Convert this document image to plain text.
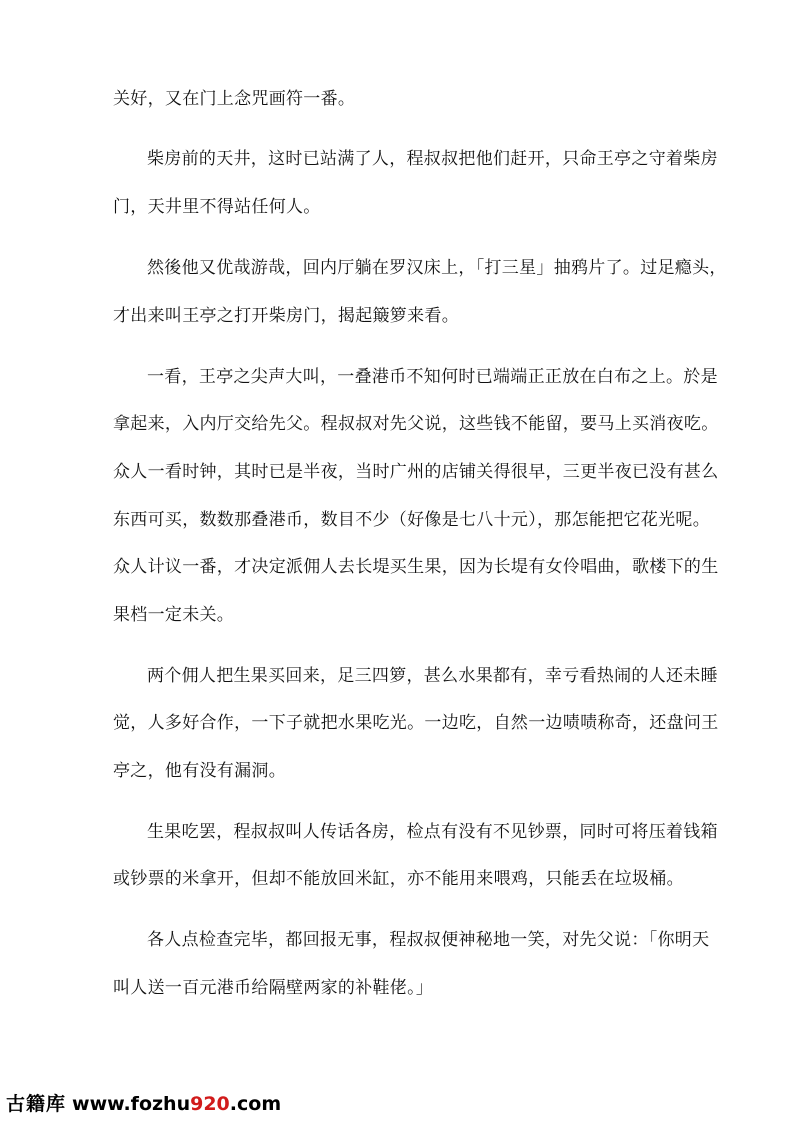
关好，又在门上念咒画符一番。
柴房前的天井，这时已站满了人，程叔叔把他们赶开，只命王亭之守着柴房
门，天井里不得站任何人。
然後他又优哉游哉，回内厅躺在罗汉床上，「打三星」抽鸦片了。过足瘾头，
才出来叫王亭之打开柴房门，揭起簸箩来看。
一看，王亭之尖声大叫，一叠港币不知何时已端端正正放在白布之上。於是
拿起来，入内厅交给先父。程叔叔对先父说，这些钱不能留，要马上买消夜吃。
众人一看时钟，其时已是半夜，当时广州的店铺关得很早，三更半夜已没有甚么
东西可买，数数那叠港币，数目不少（好像是七八十元），那怎能把它花光呢。
众人计议一番，才决定派佣人去长堤买生果，因为长堤有女伶唱曲，歌楼下的生
果档一定未关。
两个佣人把生果买回来，足三四箩，甚么水果都有，幸亏看热闹的人还未睡
觉，人多好合作，一下子就把水果吃光。一边吃，自然一边啧啧称奇，还盘问王
亭之，他有没有漏洞。
生果吃罢，程叔叔叫人传话各房，检点有没有不见钞票，同时可将压着钱箱
或钞票的米拿开，但却不能放回米缸，亦不能用来喂鸡，只能丢在垃圾桶。
各人点检查完毕，都回报无事，程叔叔便神秘地一笑，对先父说：「你明天
叫人送一百元港币给隔壁两家的补鞋佬。」
古籍库 www.fozhu920.com
